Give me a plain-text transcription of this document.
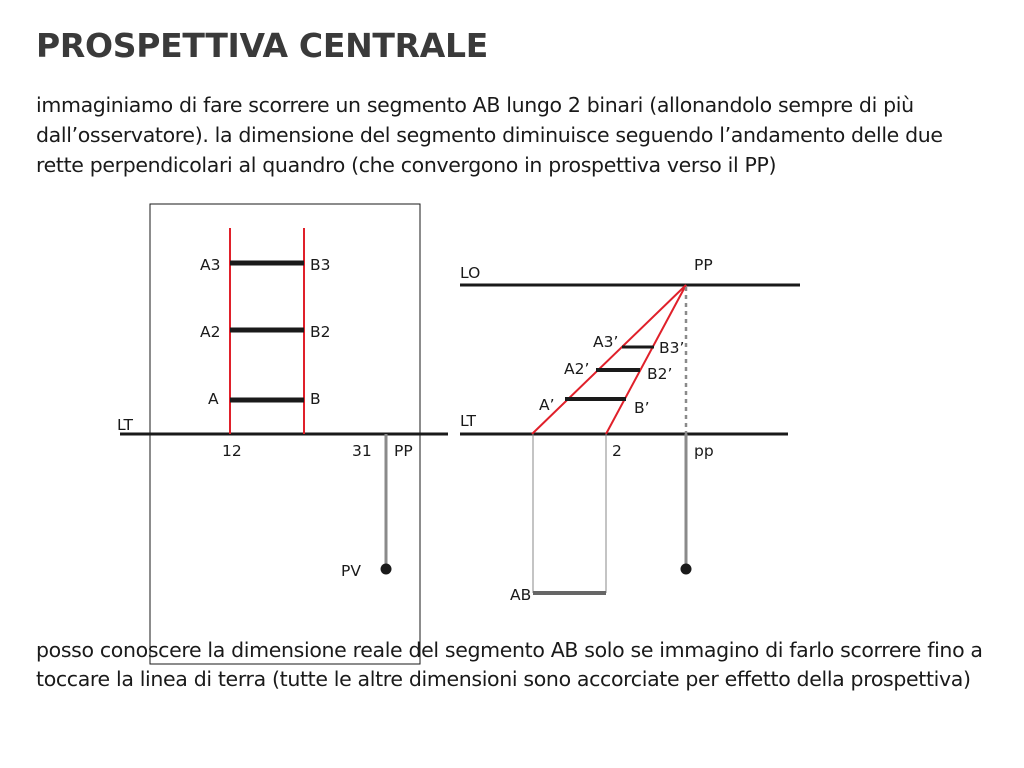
PROSPETTIVA CENTRALE

immaginiamo di fare scorrere un segmento AB lungo 2 binari (allonandolo sempre di più dall’osservatore). la dimensione del segmento diminuisce seguendo l’andamento delle due rette perpendicolari al quandro (che convergono in prospettiva verso il PP)

A3	B3
A2	B2
A	B
LT
12	31 PP
PV
LO	PP
A3’	B3’
A2’	B2’
A’	B’
LT
2	pp
AB

posso conoscere la dimensione reale del segmento AB solo se immagino di farlo scorrere fino a toccare la linea di terra (tutte le altre dimensioni sono accorciate per effetto della prospettiva)
